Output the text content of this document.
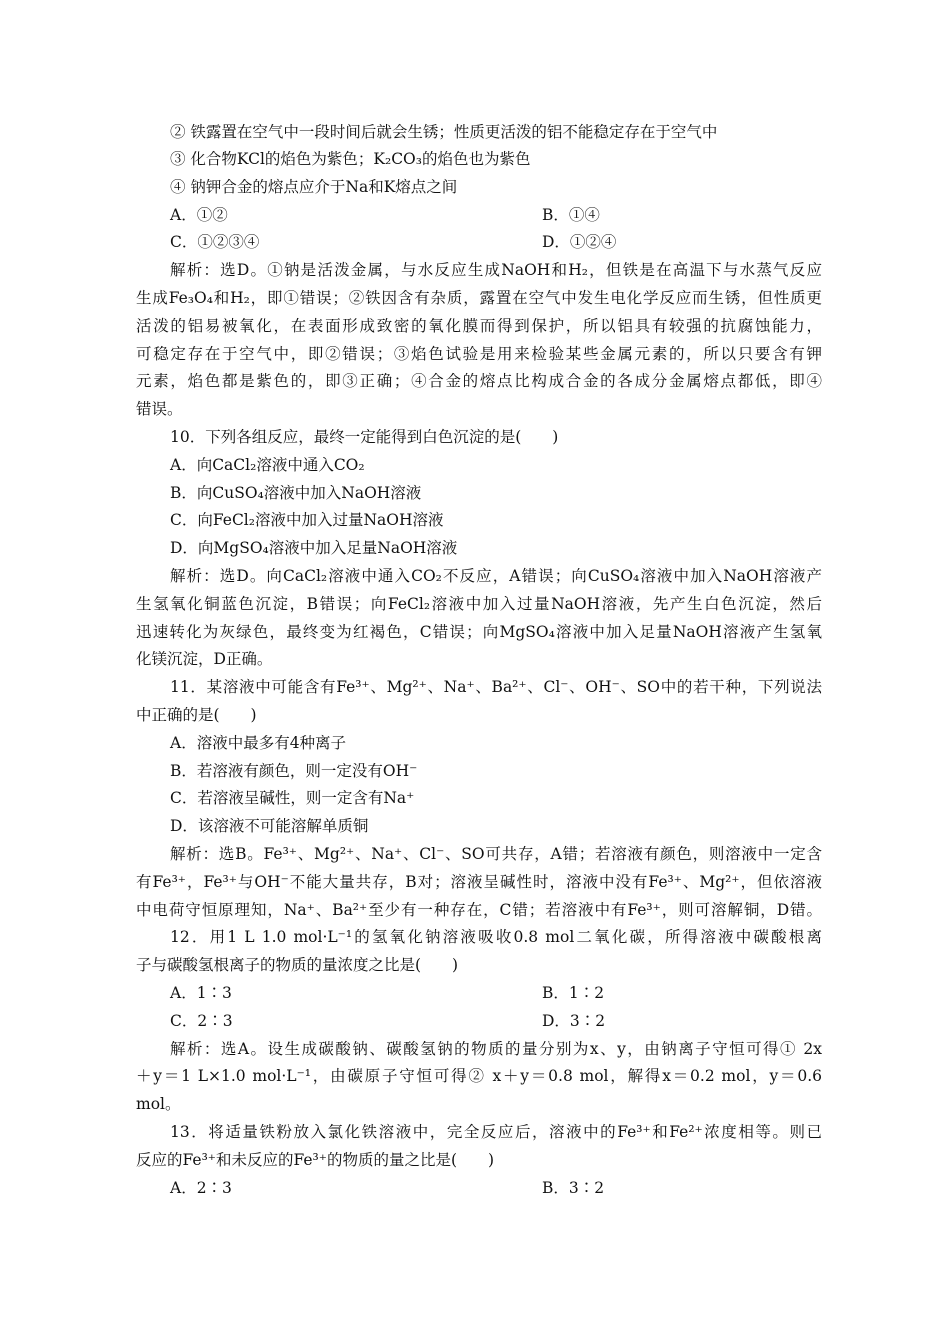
② 铁露置在空气中一段时间后就会生锈；性质更活泼的铝不能稳定存在于空气中
③ 化合物KCl的焰色为紫色；K₂CO₃的焰色也为紫色
④ 钠钾合金的熔点应介于Na和K熔点之间
A．①②	B．①④
C．①②③④	D．①②④
解析：选D。①钠是活泼金属，与水反应生成NaOH和H₂，但铁是在高温下与水蒸气反应
生成Fe₃O₄和H₂，即①错误；②铁因含有杂质，露置在空气中发生电化学反应而生锈，但性质更
活泼的铝易被氧化，在表面形成致密的氧化膜而得到保护，所以铝具有较强的抗腐蚀能力，
可稳定存在于空气中，即②错误；③焰色试验是用来检验某些金属元素的，所以只要含有钾
元素，焰色都是紫色的，即③正确；④合金的熔点比构成合金的各成分金属熔点都低，即④
错误。
10．下列各组反应，最终一定能得到白色沉淀的是(　　)
A．向CaCl₂溶液中通入CO₂
B．向CuSO₄溶液中加入NaOH溶液
C．向FeCl₂溶液中加入过量NaOH溶液
D．向MgSO₄溶液中加入足量NaOH溶液
解析：选D。向CaCl₂溶液中通入CO₂不反应，A错误；向CuSO₄溶液中加入NaOH溶液产
生氢氧化铜蓝色沉淀，B错误；向FeCl₂溶液中加入过量NaOH溶液，先产生白色沉淀，然后
迅速转化为灰绿色，最终变为红褐色，C错误；向MgSO₄溶液中加入足量NaOH溶液产生氢氧
化镁沉淀，D正确。
11．某溶液中可能含有Fe³⁺、Mg²⁺、Na⁺、Ba²⁺、Cl⁻、OH⁻、SO中的若干种，下列说法
中正确的是(　　)
A．溶液中最多有4种离子
B．若溶液有颜色，则一定没有OH⁻
C．若溶液呈碱性，则一定含有Na⁺
D．该溶液不可能溶解单质铜
解析：选B。Fe³⁺、Mg²⁺、Na⁺、Cl⁻、SO可共存，A错；若溶液有颜色，则溶液中一定含
有Fe³⁺，Fe³⁺与OH⁻不能大量共存，B对；溶液呈碱性时，溶液中没有Fe³⁺、Mg²⁺，但依溶液
中电荷守恒原理知，Na⁺、Ba²⁺至少有一种存在，C错；若溶液中有Fe³⁺，则可溶解铜，D错。
12．用1 L 1.0 mol·L⁻¹的氢氧化钠溶液吸收0.8 mol二氧化碳，所得溶液中碳酸根离
子与碳酸氢根离子的物质的量浓度之比是(　　)
A．1∶3	B．1∶2
C．2∶3	D．3∶2
解析：选A。设生成碳酸钠、碳酸氢钠的物质的量分别为x、y，由钠离子守恒可得① 2x
＋y＝1 L×1.0 mol·L⁻¹，由碳原子守恒可得② x＋y＝0.8 mol，解得x＝0.2 mol，y＝0.6
mol。
13．将适量铁粉放入氯化铁溶液中，完全反应后，溶液中的Fe³⁺和Fe²⁺浓度相等。则已
反应的Fe³⁺和未反应的Fe³⁺的物质的量之比是(　　)
A．2∶3	B．3∶2
